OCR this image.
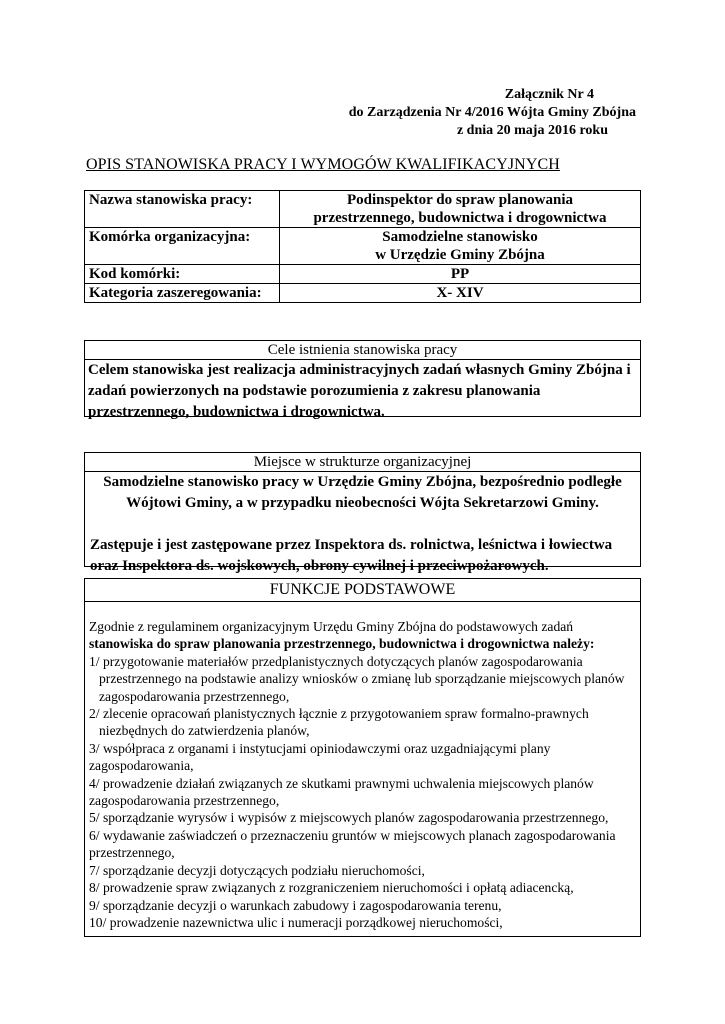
Załącznik Nr 4
do Zarządzenia Nr 4/2016 Wójta Gminy Zbójna
z dnia 20 maja 2016 roku
OPIS STANOWISKA PRACY I WYMOGÓW KWALIFIKACYJNYCH
Nazwa stanowiska pracy:	Podinspektor do spraw planowania
przestrzennego, budownictwa i drogownictwa
Komórka organizacyjna:	Samodzielne stanowisko
w Urzędzie Gminy Zbójna
Kod komórki:	PP
Kategoria zaszeregowania:	X- XIV
Cele istnienia stanowiska pracy
Celem stanowiska jest realizacja administracyjnych zadań własnych Gminy Zbójna i zadań powierzonych na podstawie porozumienia z zakresu planowania przestrzennego, budownictwa i drogownictwa.
Miejsce w strukturze organizacyjnej

Samodzielne stanowisko pracy w Urzędzie Gminy Zbójna, bezpośrednio podległe Wójtowi Gminy, a w przypadku nieobecności Wójta Sekretarzowi Gminy.

Zastępuje i jest zastępowane przez Inspektora ds. rolnictwa, leśnictwa i łowiectwa oraz Inspektora ds. wojskowych, obrony cywilnej i przeciwpożarowych.

FUNKCJE PODSTAWOWE

Zgodnie z regulaminem organizacyjnym Urzędu Gminy Zbójna do podstawowych zadań stanowiska do spraw planowania przestrzennego, budownictwa i drogownictwa należy:

1/ przygotowanie materiałów przedplanistycznych dotyczących planów zagospodarowania przestrzennego na podstawie analizy wniosków o zmianę lub sporządzanie miejscowych planów zagospodarowania przestrzennego,

2/ zlecenie opracowań planistycznych łącznie z przygotowaniem spraw formalno-prawnych niezbędnych do zatwierdzenia planów,

3/ współpraca z organami i instytucjami opiniodawczymi oraz uzgadniającymi plany zagospodarowania,

4/ prowadzenie działań związanych ze skutkami prawnymi uchwalenia miejscowych planów zagospodarowania przestrzennego,

5/ sporządzanie wyrysów i wypisów z miejscowych planów zagospodarowania przestrzennego,

6/ wydawanie zaświadczeń o przeznaczeniu gruntów w miejscowych planach zagospodarowania przestrzennego,

7/ sporządzanie decyzji dotyczących podziału nieruchomości,

8/ prowadzenie spraw związanych z rozgraniczeniem nieruchomości i opłatą adiacencką,

9/ sporządzanie decyzji o warunkach zabudowy i zagospodarowania terenu,

10/ prowadzenie nazewnictwa ulic i numeracji porządkowej nieruchomości,
